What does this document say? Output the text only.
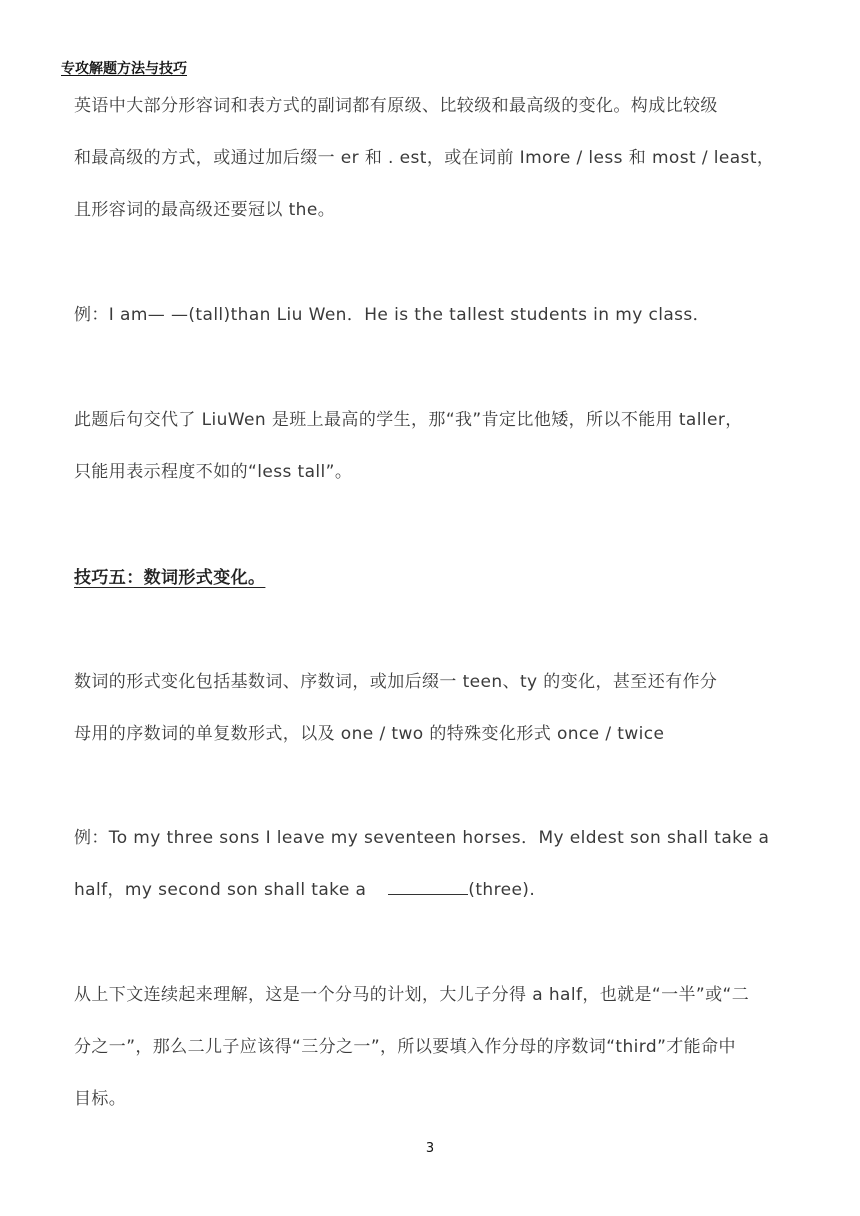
专攻解题方法与技巧

英语中大部分形容词和表方式的副词都有原级、比较级和最高级的变化。构成比较级
和最高级的方式，或通过加后缀一 er 和 . est，或在词前 Imore / less 和 most / least，
且形容词的最高级还要冠以 the。

例：I am— —(tall)than Liu Wen．He is the tallest students in my class．

此题后句交代了 LiuWen 是班上最高的学生，那“我”肯定比他矮，所以不能用 taller，
只能用表示程度不如的“less tall”。

技巧五：数词形式变化。

数词的形式变化包括基数词、序数词，或加后缀一 teen、ty 的变化，甚至还有作分
母用的序数词的单复数形式，以及 one / two 的特殊变化形式 once / twice

例：To my three sons I leave my seventeen horses．My eldest son shall take a
half，my second son shall take a	(three).

从上下文连续起来理解，这是一个分马的计划，大儿子分得 a half，也就是“一半”或“二
分之一”，那么二儿子应该得“三分之一”，所以要填入作分母的序数词“third”才能命中
目标。

3
